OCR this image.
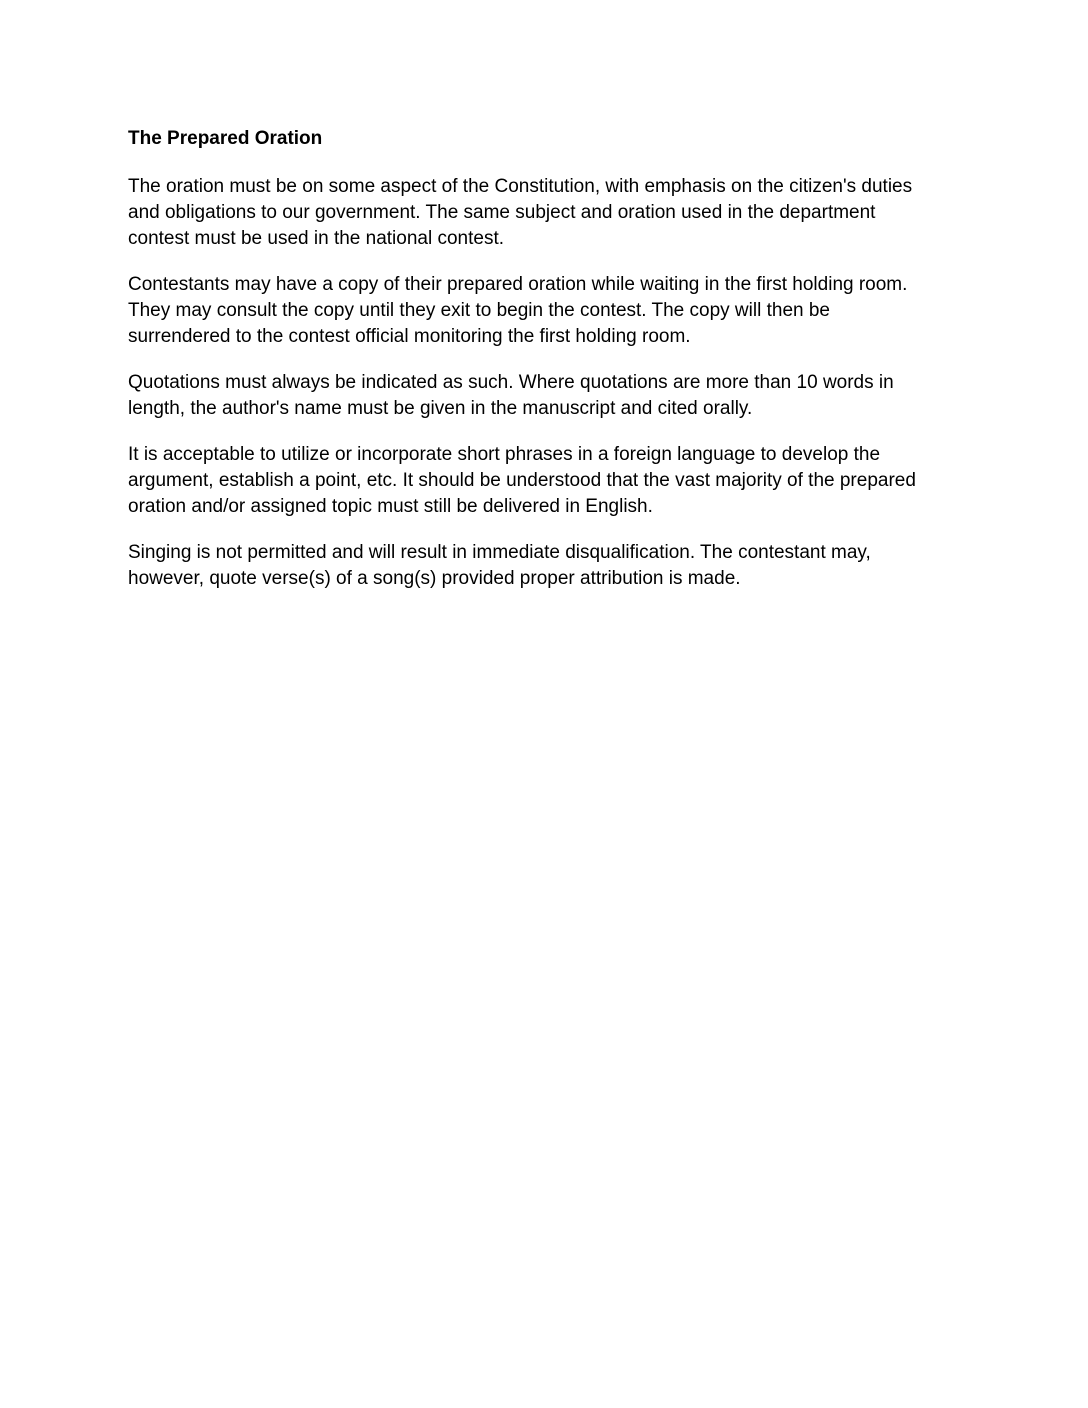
The Prepared Oration

The oration must be on some aspect of the Constitution, with emphasis on the citizen's duties
and obligations to our government. The same subject and oration used in the department
contest must be used in the national contest.

Contestants may have a copy of their prepared oration while waiting in the first holding room.
They may consult the copy until they exit to begin the contest. The copy will then be
surrendered to the contest official monitoring the first holding room.

Quotations must always be indicated as such. Where quotations are more than 10 words in
length, the author's name must be given in the manuscript and cited orally.

It is acceptable to utilize or incorporate short phrases in a foreign language to develop the
argument, establish a point, etc. It should be understood that the vast majority of the prepared
oration and/or assigned topic must still be delivered in English.

Singing is not permitted and will result in immediate disqualification. The contestant may,
however, quote verse(s) of a song(s) provided proper attribution is made.
